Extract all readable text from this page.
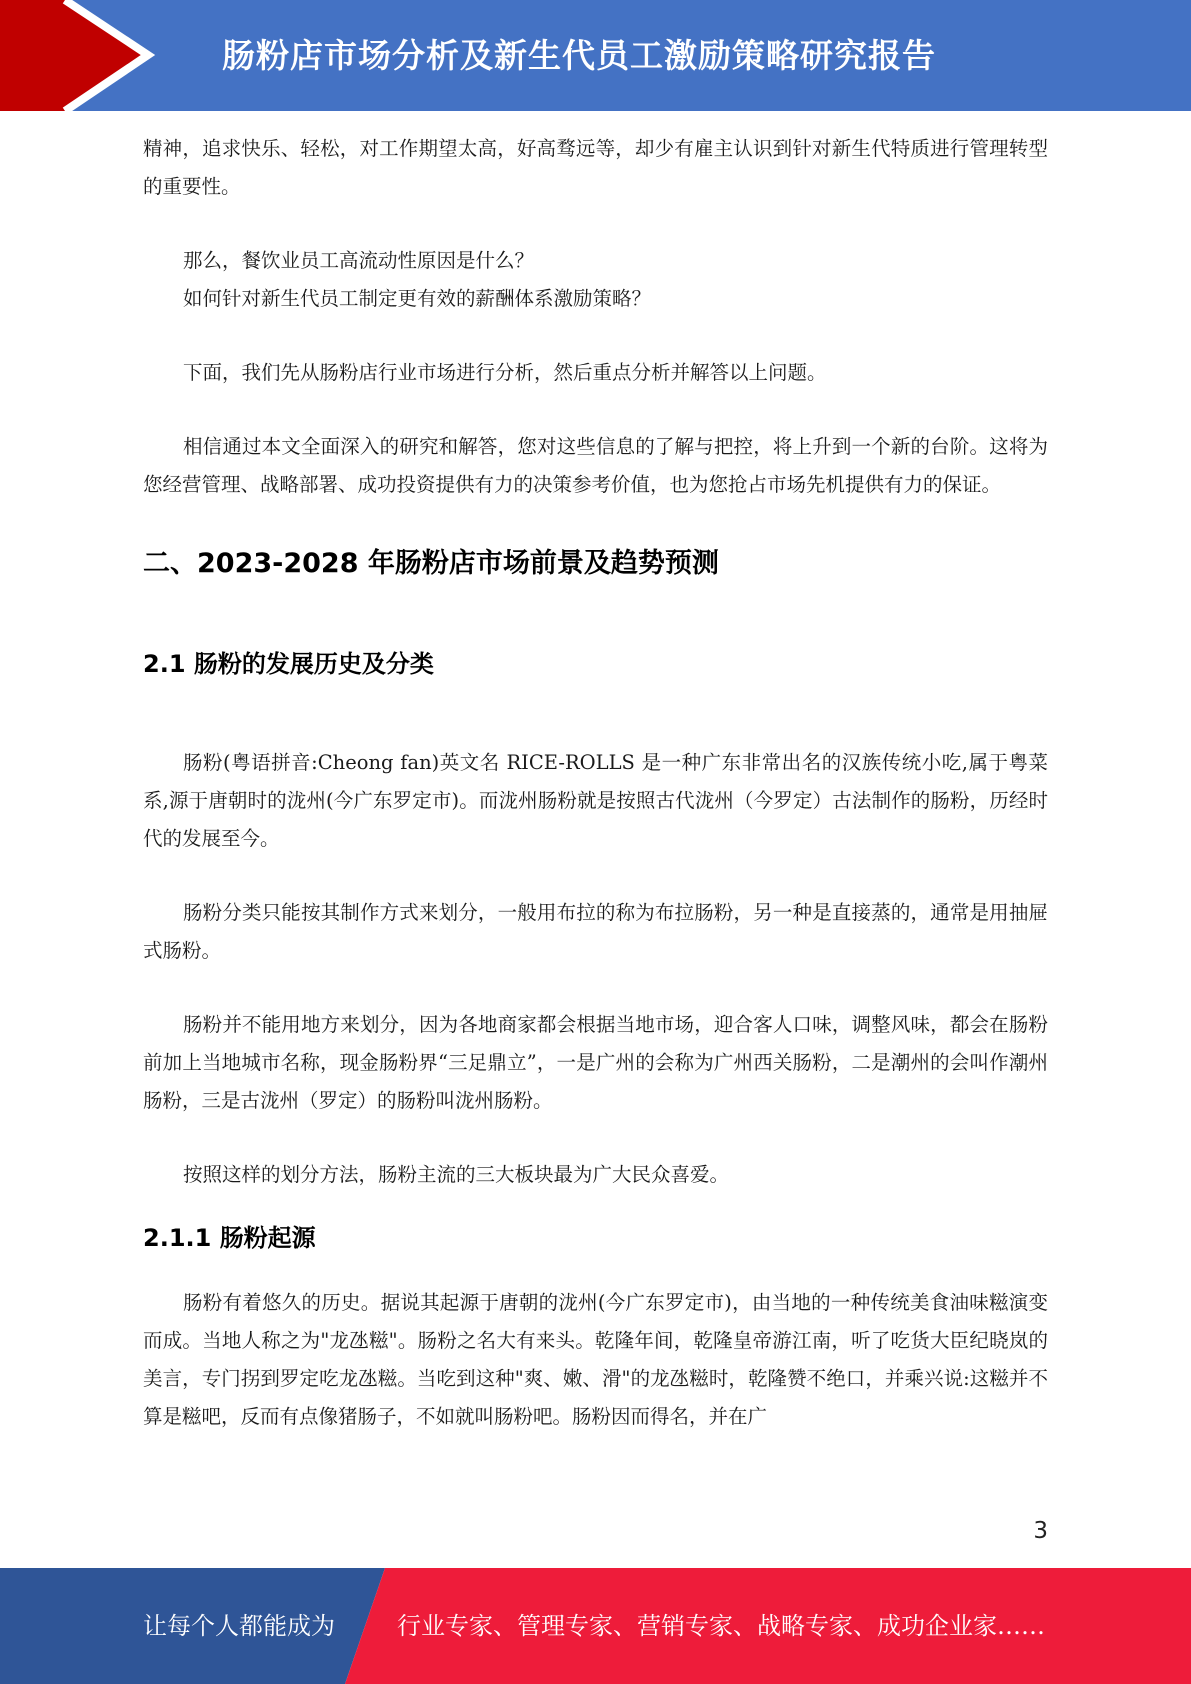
肠粉店市场分析及新生代员工激励策略研究报告

精神，追求快乐、轻松，对工作期望太高，好高骛远等，却少有雇主认识到针对新生代特质进行管理转型的重要性。

那么，餐饮业员工高流动性原因是什么？

如何针对新生代员工制定更有效的薪酬体系激励策略？

下面，我们先从肠粉店行业市场进行分析，然后重点分析并解答以上问题。

相信通过本文全面深入的研究和解答，您对这些信息的了解与把控，将上升到一个新的台阶。这将为您经营管理、战略部署、成功投资提供有力的决策参考价值，也为您抢占市场先机提供有力的保证。

二、2023-2028 年肠粉店市场前景及趋势预测
2.1 肠粉的发展历史及分类

肠粉(粤语拼音:Cheong fan)英文名 RICE-ROLLS 是一种广东非常出名的汉族传统小吃,属于粤菜系,源于唐朝时的泷州(今广东罗定市)。而泷州肠粉就是按照古代泷州（今罗定）古法制作的肠粉，历经时代的发展至今。

肠粉分类只能按其制作方式来划分，一般用布拉的称为布拉肠粉，另一种是直接蒸的，通常是用抽屉式肠粉。

肠粉并不能用地方来划分，因为各地商家都会根据当地市场，迎合客人口味，调整风味，都会在肠粉前加上当地城市名称，现金肠粉界“三足鼎立”，一是广州的会称为广州西关肠粉，二是潮州的会叫作潮州肠粉，三是古泷州（罗定）的肠粉叫泷州肠粉。

按照这样的划分方法，肠粉主流的三大板块最为广大民众喜爱。

2.1.1 肠粉起源

肠粉有着悠久的历史。据说其起源于唐朝的泷州(今广东罗定市)，由当地的一种传统美食油味糍演变而成。当地人称之为"龙氹糍"。肠粉之名大有来头。乾隆年间，乾隆皇帝游江南，听了吃货大臣纪晓岚的美言，专门拐到罗定吃龙氹糍。当吃到这种"爽、嫩、滑"的龙氹糍时，乾隆赞不绝口，并乘兴说:这糍并不算是糍吧，反而有点像猪肠子，不如就叫肠粉吧。肠粉因而得名，并在广

3
让每个人都能成为	行业专家、管理专家、营销专家、战略专家、成功企业家……
